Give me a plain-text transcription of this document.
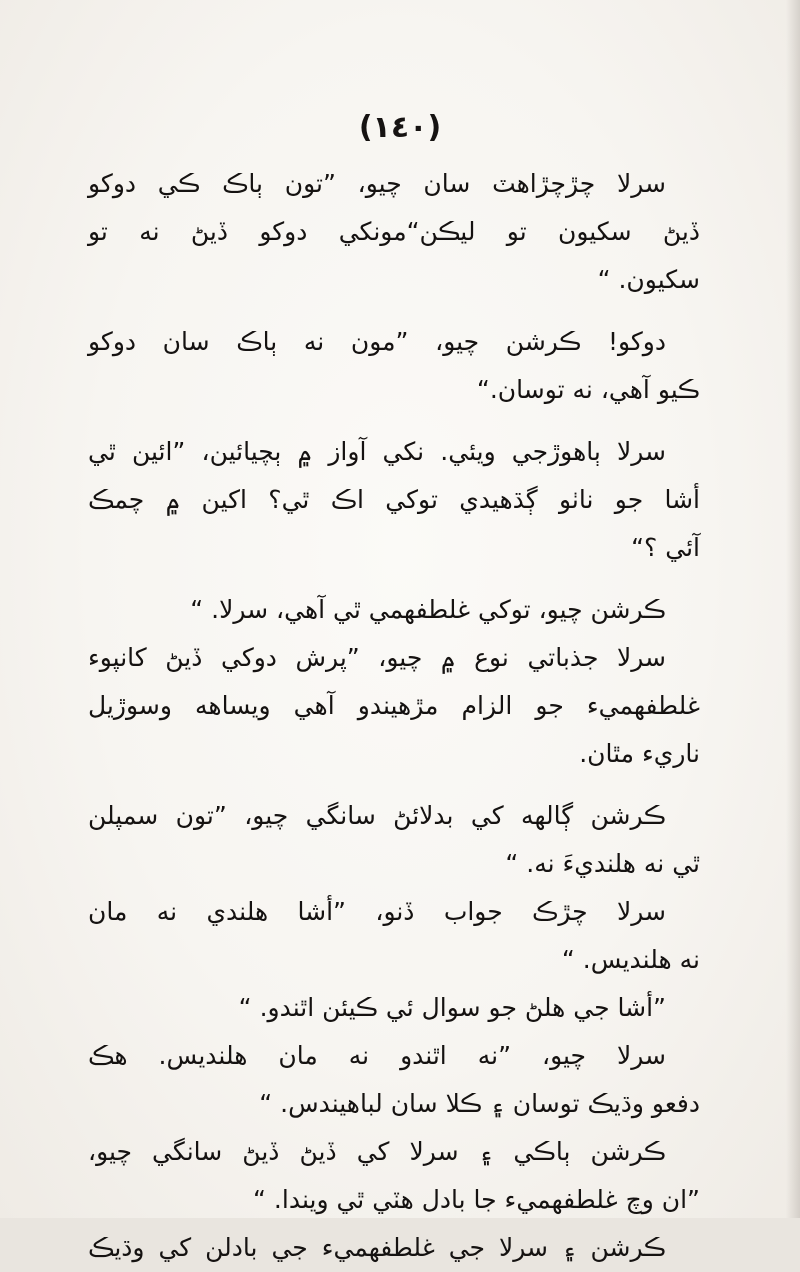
(١٤٠)
سرلا چڙچڙاهٽ سان چيو، ”تون ٻاڪ ڪي دوکو
ڏيڻ سکيون تو ليڪن“مونکي دوکو ڏيڻ نه تو
سکيون. “
دوکو! ڪرشن چيو، ”مون نه ٻاڪ سان دوکو
ڪيو آهي، نه توسان.“
سرلا ٻاهوڙجي ويئي. نکي آواز ۾ ٻچيائين، ”ائين ٿي
أشا جو ناٺو ڳڌهيدي توکي اڪ ٿي؟ اکين ۾ چمڪ
آئي ؟“
ڪرشن چيو، توکي غلطفهمي ٿي آهي، سرلا. “
سرلا جذباتي نوع ۾ چيو، ”پرش دوکي ڏيڻ کانپوء
غلطفهميء جو الزام مڙهيندو آهي ويساهه وسوڙيل
ناريء مٿان.
ڪرشن ڳالهه کي بدلائڻ سانگي چيو، ”تون سمپلن
ٿي نه هلنديءَ نه. “
سرلا چڙڪ جواب ڏنو، ”أشا هلندي نه مان
نه هلنديس. “
”أشا جي هلڻ جو سوال ئي ڪيئن اٿندو. “
سرلا چيو، ”نه اٿندو نه مان هلنديس. هڪ
دفعو وڌيڪ توسان ۽ ڪلا سان لباهيندس. “
ڪرشن ٻاڪي ۽ سرلا کي ڏيڻ ڏيڻ سانگي چيو،
”ان وچ غلطفهميء جا بادل هٽي ٿي ويندا. “
ڪرشن ۽ سرلا جي غلطفهميء جي بادلن کي وڌيڪ
